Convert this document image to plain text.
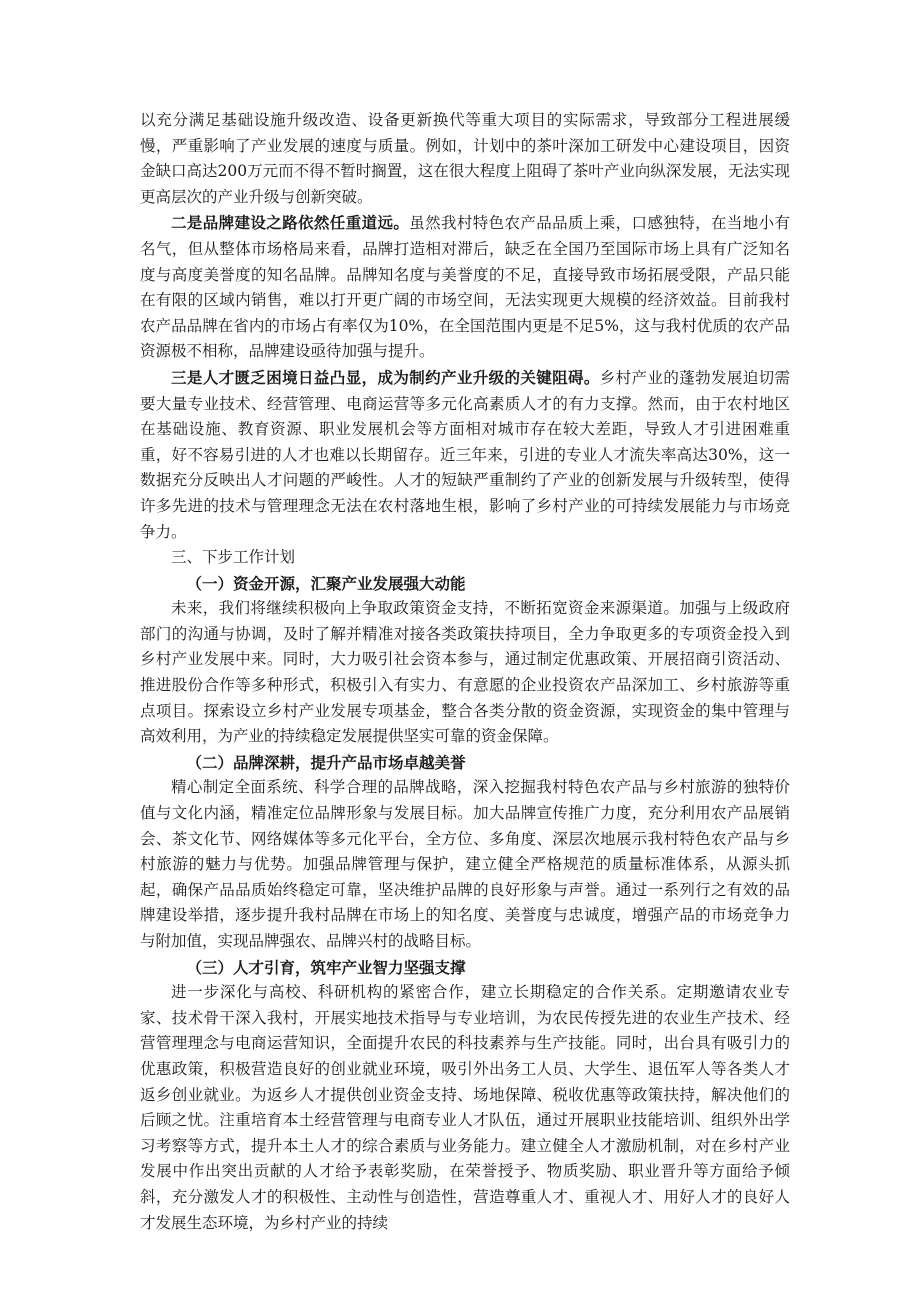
以充分满足基础设施升级改造、设备更新换代等重大项目的实际需求，导致部分工程进展缓慢，严重影响了产业发展的速度与质量。例如，计划中的茶叶深加工研发中心建设项目，因资金缺口高达200万元而不得不暂时搁置，这在很大程度上阻碍了茶叶产业向纵深发展，无法实现更高层次的产业升级与创新突破。

二是品牌建设之路依然任重道远。虽然我村特色农产品品质上乘，口感独特，在当地小有名气，但从整体市场格局来看，品牌打造相对滞后，缺乏在全国乃至国际市场上具有广泛知名度与高度美誉度的知名品牌。品牌知名度与美誉度的不足，直接导致市场拓展受限，产品只能在有限的区域内销售，难以打开更广阔的市场空间，无法实现更大规模的经济效益。目前我村农产品品牌在省内的市场占有率仅为10%，在全国范围内更是不足5%，这与我村优质的农产品资源极不相称，品牌建设亟待加强与提升。

三是人才匮乏困境日益凸显，成为制约产业升级的关键阻碍。乡村产业的蓬勃发展迫切需要大量专业技术、经营管理、电商运营等多元化高素质人才的有力支撑。然而，由于农村地区在基础设施、教育资源、职业发展机会等方面相对城市存在较大差距，导致人才引进困难重重，好不容易引进的人才也难以长期留存。近三年来，引进的专业人才流失率高达30%，这一数据充分反映出人才问题的严峻性。人才的短缺严重制约了产业的创新发展与升级转型，使得许多先进的技术与管理理念无法在农村落地生根，影响了乡村产业的可持续发展能力与市场竞争力。

三、下步工作计划

（一）资金开源，汇聚产业发展强大动能

未来，我们将继续积极向上争取政策资金支持，不断拓宽资金来源渠道。加强与上级政府部门的沟通与协调，及时了解并精准对接各类政策扶持项目，全力争取更多的专项资金投入到乡村产业发展中来。同时，大力吸引社会资本参与，通过制定优惠政策、开展招商引资活动、推进股份合作等多种形式，积极引入有实力、有意愿的企业投资农产品深加工、乡村旅游等重点项目。探索设立乡村产业发展专项基金，整合各类分散的资金资源，实现资金的集中管理与高效利用，为产业的持续稳定发展提供坚实可靠的资金保障。

（二）品牌深耕，提升产品市场卓越美誉

精心制定全面系统、科学合理的品牌战略，深入挖掘我村特色农产品与乡村旅游的独特价值与文化内涵，精准定位品牌形象与发展目标。加大品牌宣传推广力度，充分利用农产品展销会、茶文化节、网络媒体等多元化平台，全方位、多角度、深层次地展示我村特色农产品与乡村旅游的魅力与优势。加强品牌管理与保护，建立健全严格规范的质量标准体系，从源头抓起，确保产品品质始终稳定可靠，坚决维护品牌的良好形象与声誉。通过一系列行之有效的品牌建设举措，逐步提升我村品牌在市场上的知名度、美誉度与忠诚度，增强产品的市场竞争力与附加值，实现品牌强农、品牌兴村的战略目标。

（三）人才引育，筑牢产业智力坚强支撑

进一步深化与高校、科研机构的紧密合作，建立长期稳定的合作关系。定期邀请农业专家、技术骨干深入我村，开展实地技术指导与专业培训，为农民传授先进的农业生产技术、经营管理理念与电商运营知识，全面提升农民的科技素养与生产技能。同时，出台具有吸引力的优惠政策，积极营造良好的创业就业环境，吸引外出务工人员、大学生、退伍军人等各类人才返乡创业就业。为返乡人才提供创业资金支持、场地保障、税收优惠等政策扶持，解决他们的后顾之忧。注重培育本土经营管理与电商专业人才队伍，通过开展职业技能培训、组织外出学习考察等方式，提升本土人才的综合素质与业务能力。建立健全人才激励机制，对在乡村产业发展中作出突出贡献的人才给予表彰奖励，在荣誉授予、物质奖励、职业晋升等方面给予倾斜，充分激发人才的积极性、主动性与创造性，营造尊重人才、重视人才、用好人才的良好人才发展生态环境，为乡村产业的持续
